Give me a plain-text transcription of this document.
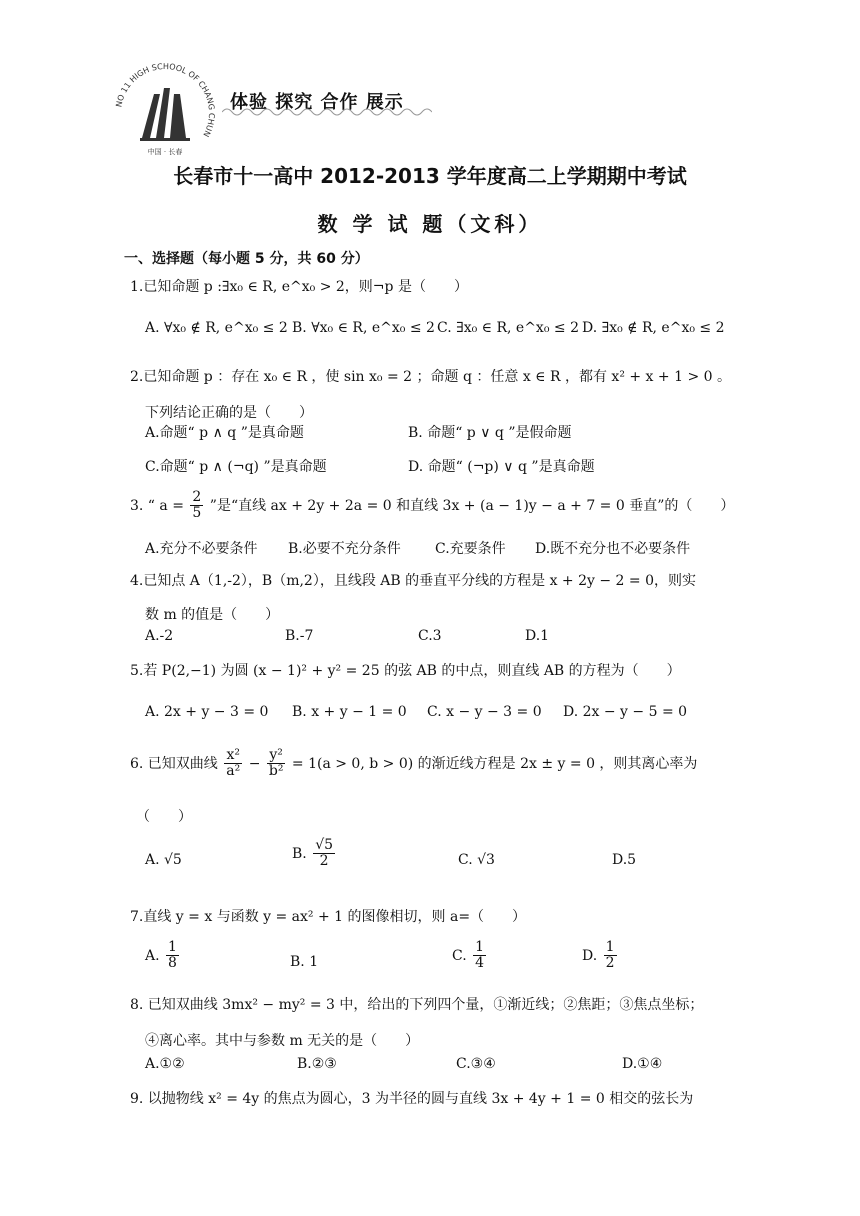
NO 11 HIGH SCHOOL OF CHANG CHUN
中国 · 长春
体验 探究 合作 展示
长春市十一高中 2012-2013 学年度高二上学期期中考试
数 学 试 题（文科）
一、选择题（每小题 5 分，共 60 分）
1.已知命题 p :∃x₀ ∈ R, e^x₀ > 2，则¬p 是（　　）
A. ∀x₀ ∉ R, e^x₀ ≤ 2 B. ∀x₀ ∈ R, e^x₀ ≤ 2 C. ∃x₀ ∈ R, e^x₀ ≤ 2 D. ∃x₀ ∉ R, e^x₀ ≤ 2
2.已知命题 p ：存在 x₀ ∈ R ，使 sin x₀ = 2 ；命题 q ：任意 x ∈ R ，都有 x² + x + 1 > 0 。
下列结论正确的是（　　）
A.命题“ p ∧ q ”是真命题	B. 命题“ p ∨ q ”是假命题
C.命题“ p ∧ (¬q) ”是真命题	D. 命题“ (¬p) ∨ q ”是真命题
3. “ $a = \frac{2}{5}$ ”是“直线 ax + 2y + 2a = 0 和直线 3x + (a − 1)y − a + 7 = 0 垂直”的（　　）
A.充分不必要条件 B.必要不充分条件 C.充要条件 D.既不充分也不必要条件
4.已知点 A（1,-2），B（m,2），且线段 AB 的垂直平分线的方程是 x + 2y − 2 = 0，则实
数 m 的值是（　　）
A.-2	B.-7	C.3	D.1
5.若 P(2,−1) 为圆 (x − 1)² + y² = 25 的弦 AB 的中点，则直线 AB 的方程为（　　）
A. 2x + y − 3 = 0 B. x + y − 1 = 0 C. x − y − 3 = 0 D. 2x − y − 5 = 0
6. 已知双曲线 $\frac{\text{x²}}{\text{a²}} - \frac{\text{y²}}{\text{b²}} = 1(a > 0$, b > 0) 的渐近线方程是 2x ± y = 0 ，则其离心率为
（　　）
A. √5	B. $\frac{√5}{2}$	C. √3	D.5
7.直线 y = x 与函数 y = ax² + 1 的图像相切，则 a=（　　）
A. $\frac{1}{8}$	B. 1	C. $\frac{1}{4}$	D. $\frac{1}{2}$
8. 已知双曲线 3mx² − my² = 3 中，给出的下列四个量，①渐近线；②焦距；③焦点坐标；
④离心率。其中与参数 m 无关的是（　　）
A.①②	B.②③	C.③④	D.①④
9. 以抛物线 x² = 4y 的焦点为圆心，3 为半径的圆与直线 3x + 4y + 1 = 0 相交的弦长为
